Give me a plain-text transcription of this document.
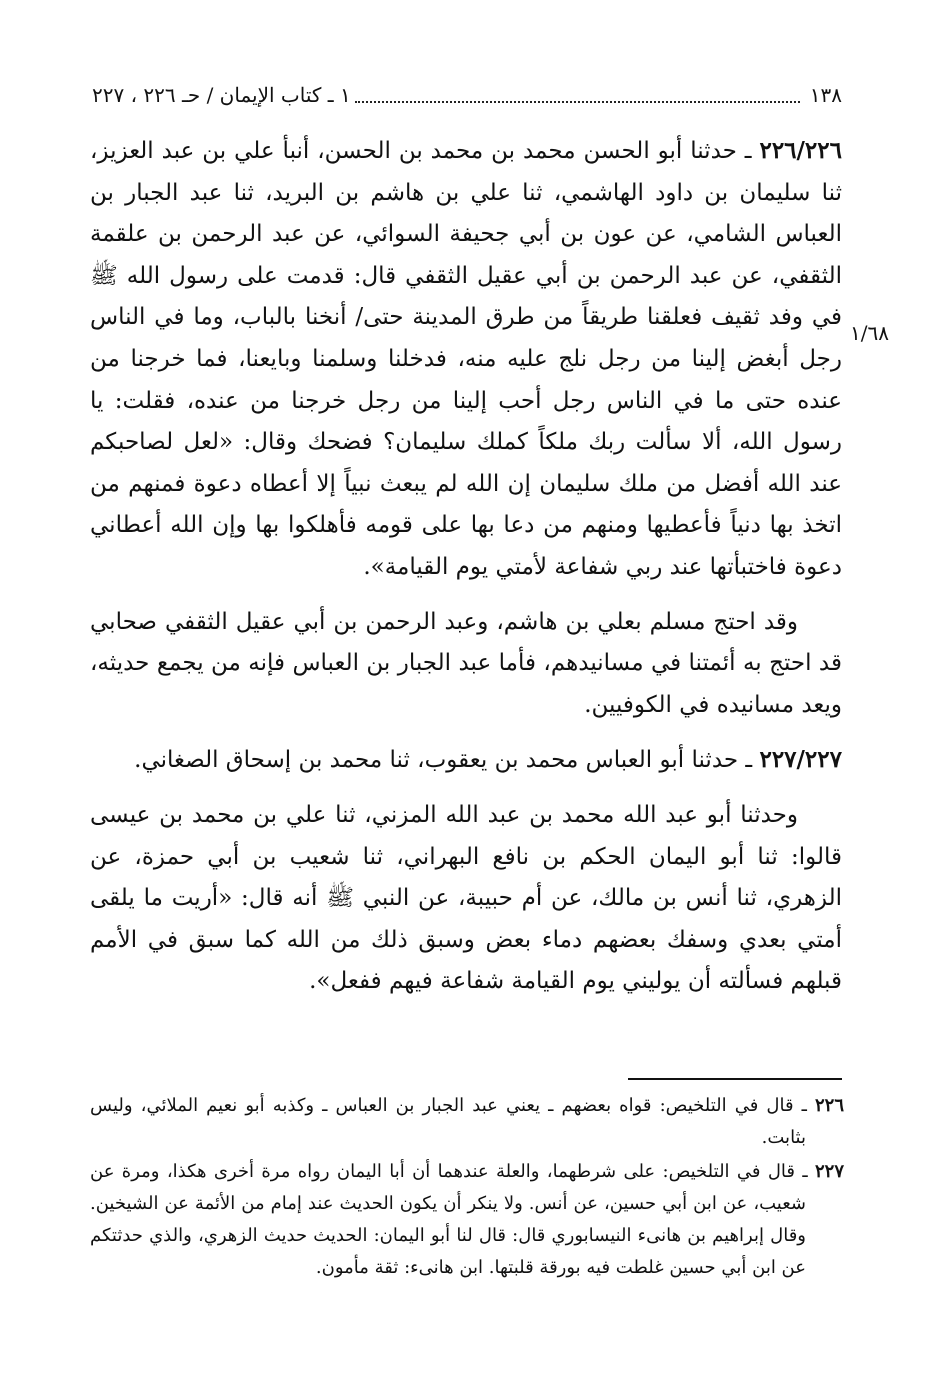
١٣٨
١ ـ كتاب الإيمان / حـ ٢٢٦ ، ٢٢٧
١/٦٨

٢٢٦/٢٢٦ ـ حدثنا أبو الحسن محمد بن محمد بن الحسن، أنبأ علي بن عبد العزيز، ثنا سليمان بن داود الهاشمي، ثنا علي بن هاشم بن البريد، ثنا عبد الجبار بن العباس الشامي، عن عون بن أبي جحيفة السوائي، عن عبد الرحمن بن علقمة الثقفي، عن عبد الرحمن بن أبي عقيل الثقفي قال: قدمت على رسول الله ﷺ في وفد ثقيف فعلقنا طريقاً من طرق المدينة حتى/ أنخنا بالباب، وما في الناس رجل أبغض إلينا من رجل نلج عليه منه، فدخلنا وسلمنا وبايعنا، فما خرجنا من عنده حتى ما في الناس رجل أحب إلينا من رجل خرجنا من عنده، فقلت: يا رسول الله، ألا سألت ربك ملكاً كملك سليمان؟ فضحك وقال: «لعل لصاحبكم عند الله أفضل من ملك سليمان إن الله لم يبعث نبياً إلا أعطاه دعوة فمنهم من اتخذ بها دنياً فأعطيها ومنهم من دعا بها على قومه فأهلكوا بها وإن الله أعطاني دعوة فاختبأتها عند ربي شفاعة لأمتي يوم القيامة».

وقد احتج مسلم بعلي بن هاشم، وعبد الرحمن بن أبي عقيل الثقفي صحابي قد احتج به أئمتنا في مسانيدهم، فأما عبد الجبار بن العباس فإنه من يجمع حديثه، ويعد مسانيده في الكوفيين.

٢٢٧/٢٢٧ ـ حدثنا أبو العباس محمد بن يعقوب، ثنا محمد بن إسحاق الصغاني.

وحدثنا أبو عبد الله محمد بن عبد الله المزني، ثنا علي بن محمد بن عيسى قالوا: ثنا أبو اليمان الحكم بن نافع البهراني، ثنا شعيب بن أبي حمزة، عن الزهري، ثنا أنس بن مالك، عن أم حبيبة، عن النبي ﷺ أنه قال: «أريت ما يلقى أمتي بعدي وسفك بعضهم دماء بعض وسبق ذلك من الله كما سبق في الأمم قبلهم فسألته أن يوليني يوم القيامة شفاعة فيهم ففعل».

٢٢٦ ـ قال في التلخيص: قواه بعضهم ـ يعني عبد الجبار بن العباس ـ وكذبه أبو نعيم الملائي، وليس بثابت.

٢٢٧ ـ قال في التلخيص: على شرطهما، والعلة عندهما أن أبا اليمان رواه مرة أخرى هكذا، ومرة عن شعيب، عن ابن أبي حسين، عن أنس. ولا ينكر أن يكون الحديث عند إمام من الأئمة عن الشيخين. وقال إبراهيم بن هانىء النيسابوري قال: قال لنا أبو اليمان: الحديث حديث الزهري، والذي حدثتكم عن ابن أبي حسين غلطت فيه بورقة قلبتها. ابن هانىء: ثقة مأمون.
